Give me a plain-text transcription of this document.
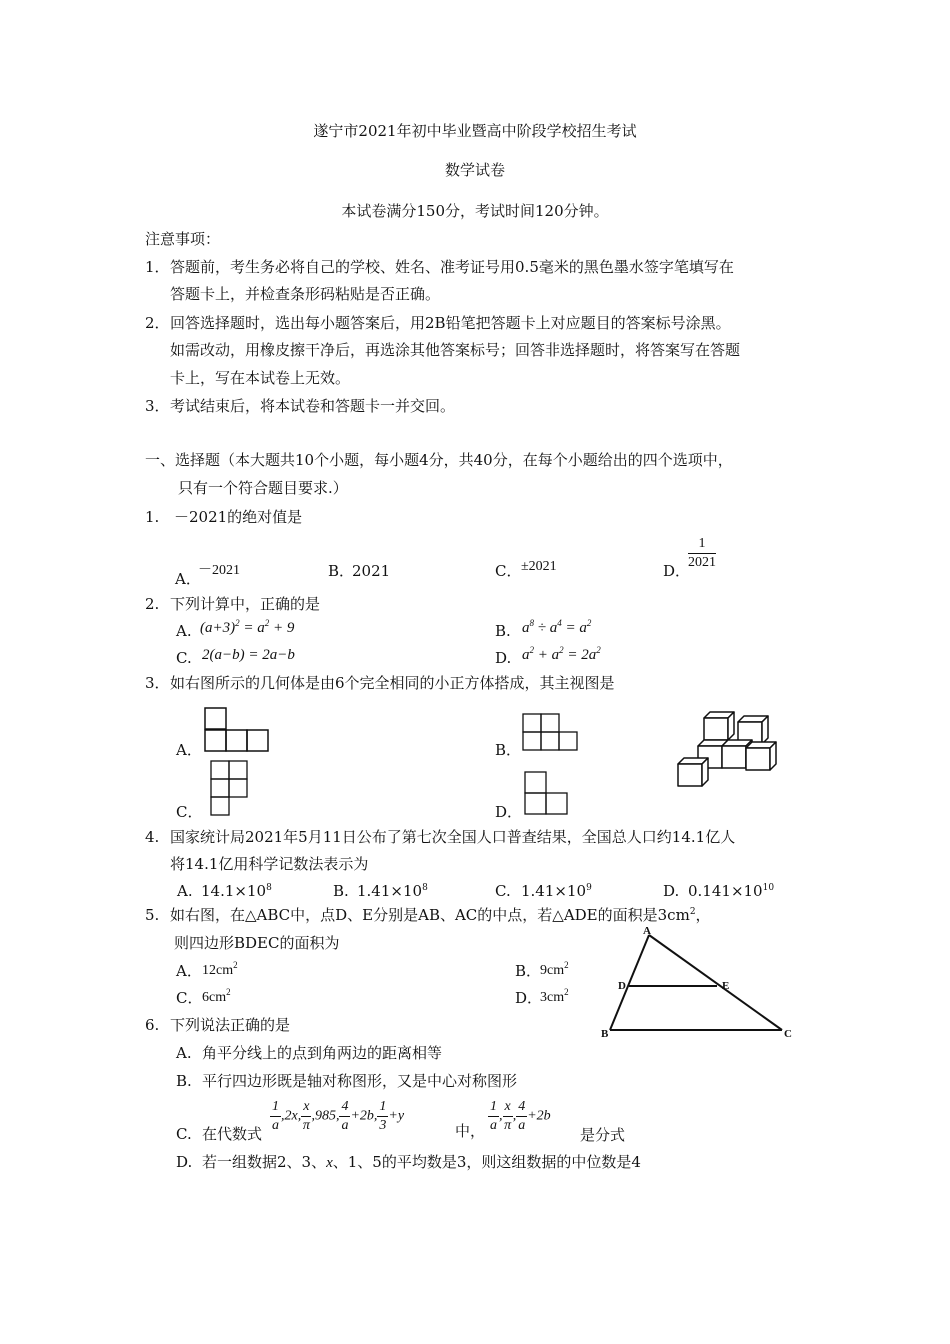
遂宁市2021年初中毕业暨高中阶段学校招生考试
数学试卷
本试卷满分150分，考试时间120分钟。
注意事项：
1． 答题前，考生务必将自己的学校、姓名、准考证号用0.5毫米的黑色墨水签字笔填写在
答题卡上，并检查条形码粘贴是否正确。
2． 回答选择题时，选出每小题答案后，用2B铅笔把答题卡上对应题目的答案标号涂黑。
如需改动，用橡皮擦干净后，再选涂其他答案标号；回答非选择题时，将答案写在答题
卡上，写在本试卷上无效。
3． 考试结束后，将本试卷和答题卡一并交回。
一、选择题（本大题共10个小题，每小题4分，共40分，在每个小题给出的四个选项中，
只有一个符合题目要求.）
1. －2021的绝对值是
A．
－2021	B．
2021	C． ±2021	D．
$\frac{1}{2021}$
2. 下列计算中，正确的是
A. $(a+3)^2 = a^2 + 9$	B. $a^8 \div a^4 = a^2$
C. 2(a−b) = 2a−b	D. $a^2 + a^2 = 2a^2$
3． 如右图所示的几何体是由6个完全相同的小正方体搭成，其主视图是
A．	B．
C．	D．
4. 国家统计局2021年5月11日公布了第七次全国人口普查结果，全国总人口约14.1亿人
将14.1亿用科学记数法表示为
A. $14.1\times 10^8$	B. $1.41\times 10^8$	C. $1.41\times 10^9$	D. $0.141\times 10^{10}$
5. 如右图，在△ABC中，点D、E分别是AB、AC的中点，若△ADE的面积是$3cm^2$，
则四边形BDEC的面积为
A． $12cm^2$	B．
$9cm^2$
C． $6cm^2$	D．
$3cm^2$
A
D	E
B	C
6. 下列说法正确的是
A. 角平分线上的点到角两边的距离相等
B. 平行四边形既是轴对称图形，又是中心对称图形
C. 在代数式
$\frac{1}{a} ,2x$, $\frac{x}{\pi} ,985$, $\frac{4}{a} +2b$, $\frac{1}{3} +y$
中， $\frac{1}{a}$ , $\frac{x}{\pi}$ , $\frac{4}{a} +2b$
是分式
D. 若一组数据2、3、x、1、5的平均数是3，则这组数据的中位数是4
